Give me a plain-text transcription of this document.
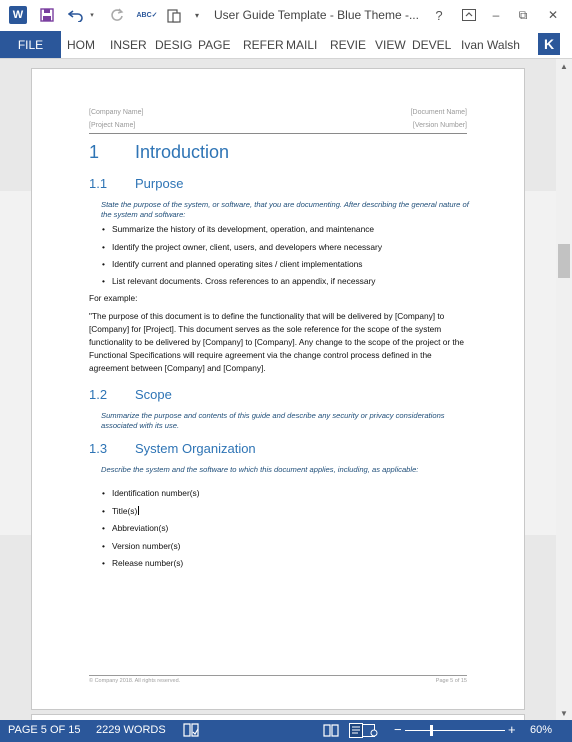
W	▾	ABC✓	▾ User Guide Template - Blue Theme -... ?	–	⧉ ✕
FILE	HOM INSER DESIG PAGE REFER MAILI REVIE VIEW DEVEL Ivan Walsh	K
[Company Name]
[Project Name]
[Document Name]
[Version Number]
1 Introduction
1.1 Purpose
State the purpose of the system, or software, that you are documenting. After describing the general nature of the system and software:
• Summarize the history of its development, operation, and maintenance
• Identify the project owner, client, users, and developers where necessary
• Identify current and planned operating sites / client implementations
• List relevant documents. Cross references to an appendix, if necessary
For example:
"The purpose of this document is to define the functionality that will be delivered by [Company] to [Company] for [Project]. This document serves as the sole reference for the scope of the system functionality to be delivered by [Company] to [Company]. Any change to the scope of the project or the Functional Specifications will require agreement via the change control process defined in the agreement between [Company] and [Company].
1.2 Scope
Summarize the purpose and contents of this guide and describe any security or privacy considerations associated with its use.
1.3 System Organization
Describe the system and the software to which this document applies, including, as applicable:
• Identification number(s)
• Title(s)
• Abbreviation(s)
• Version number(s)
• Release number(s)
© Company 2018. All rights reserved.	Page 5 of 15
▲
▼
PAGE 5 OF 15 2229 WORDS	−	+ 60%
